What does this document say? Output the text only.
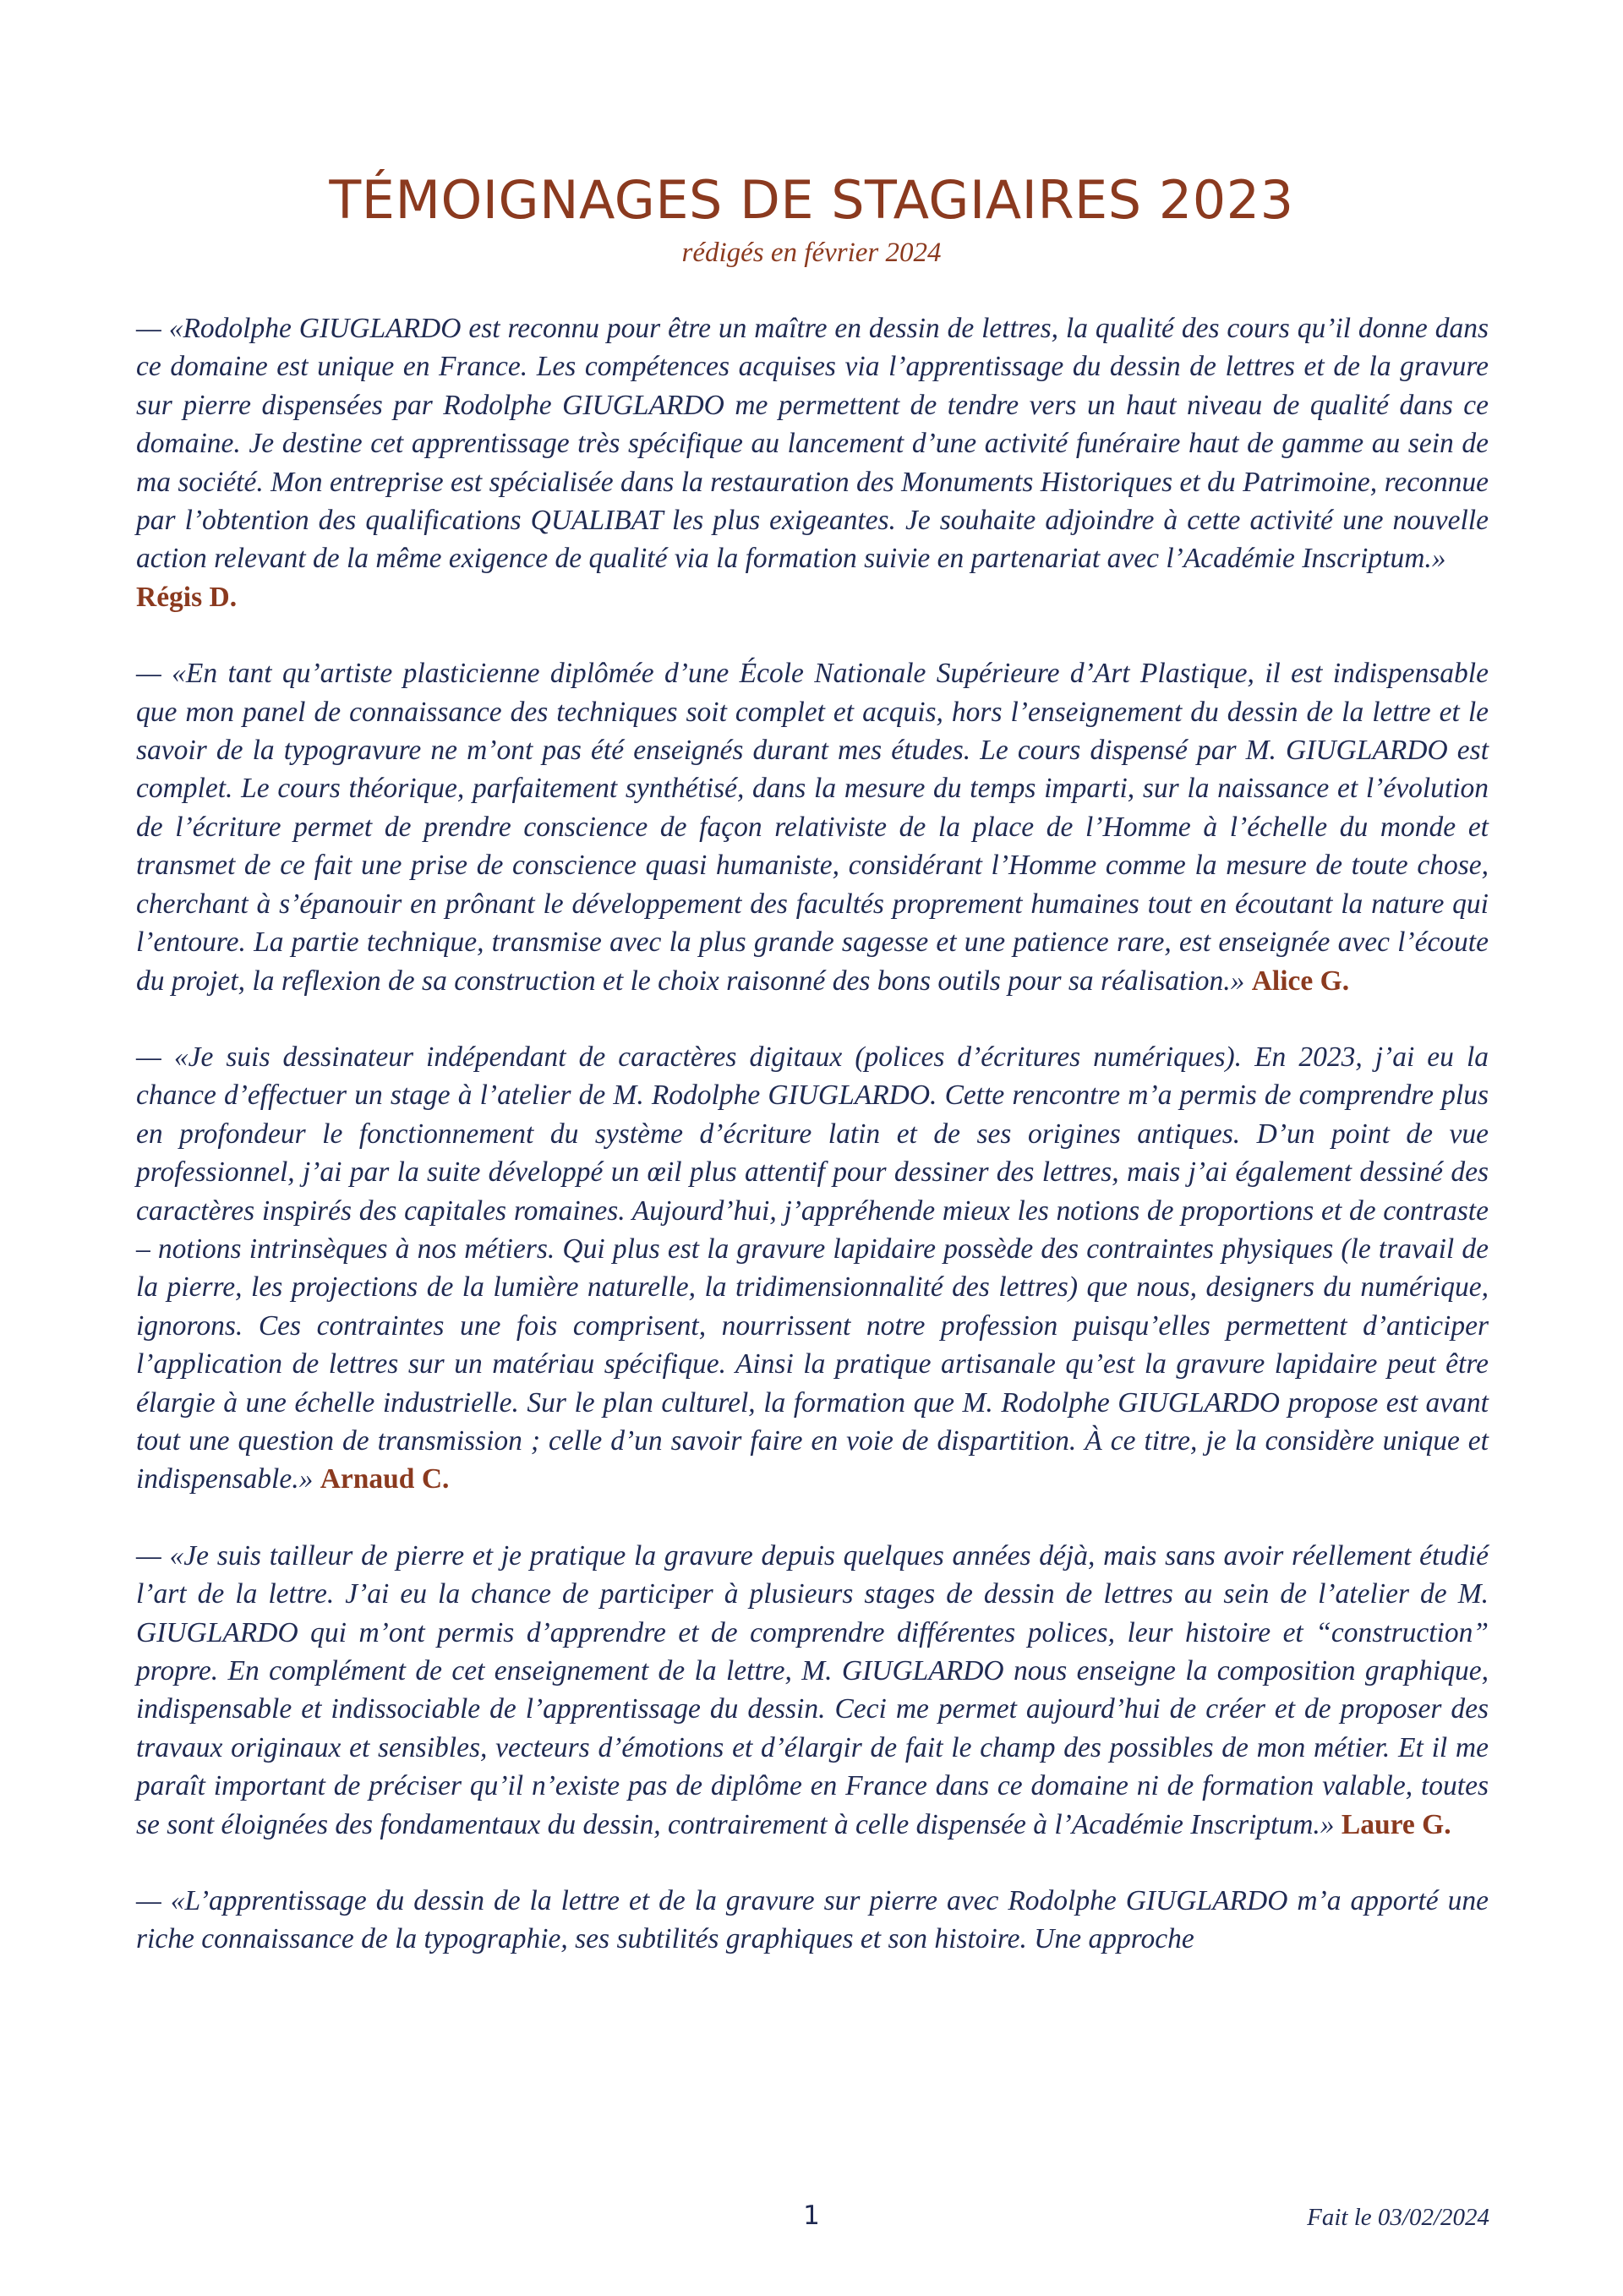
TÉMOIGNAGES DE STAGIAIRES 2023
rédigés en février 2024

— «Rodolphe GIUGLARDO est reconnu pour être un maître en dessin de lettres, la qualité des cours qu’il donne dans ce domaine est unique en France. Les compétences acquises via l’apprentissage du dessin de lettres et de la gravure sur pierre dispensées par Rodolphe GIUGLARDO me permettent de tendre vers un haut niveau de qualité dans ce domaine. Je destine cet apprentissage très spécifique au lancement d’une activité funéraire haut de gamme au sein de ma société. Mon entreprise est spécialisée dans la restauration des Monuments Historiques et du Patrimoine, reconnue par l’obtention des qualifications QUALIBAT les plus exigeantes. Je souhaite adjoindre à cette activité une nouvelle action relevant de la même exigence de qualité via la formation suivie en partenariat avec l’Académie Inscriptum.»
Régis D.

— «En tant qu’artiste plasticienne diplômée d’une École Nationale Supérieure d’Art Plastique, il est indispensable que mon panel de connaissance des techniques soit complet et acquis, hors l’enseignement du dessin de la lettre et le savoir de la typogravure ne m’ont pas été enseignés durant mes études. Le cours dispensé par M. GIUGLARDO est complet. Le cours théorique, parfaitement synthétisé, dans la mesure du temps imparti, sur la naissance et l’évolution de l’écriture permet de prendre conscience de façon relativiste de la place de l’Homme à l’échelle du monde et transmet de ce fait une prise de conscience quasi humaniste, considérant l’Homme comme la mesure de toute chose, cherchant à s’épanouir en prônant le développement des facultés proprement humaines tout en écoutant la nature qui l’entoure. La partie technique, transmise avec la plus grande sagesse et une patience rare, est enseignée avec l’écoute du projet, la reflexion de sa construction et le choix raisonné des bons outils pour sa réalisation.» Alice G.

— «Je suis dessinateur indépendant de caractères digitaux (polices d’écritures numériques). En 2023, j’ai eu la chance d’effectuer un stage à l’atelier de M. Rodolphe GIUGLARDO. Cette rencontre m’a permis de comprendre plus en profondeur le fonctionnement du système d’écriture latin et de ses origines antiques. D’un point de vue professionnel, j’ai par la suite développé un œil plus attentif pour dessiner des lettres, mais j’ai également dessiné des caractères inspirés des capitales romaines. Aujourd’hui, j’appréhende mieux les notions de proportions et de contraste – notions intrinsèques à nos métiers. Qui plus est la gravure lapidaire possède des contraintes physiques (le travail de la pierre, les projections de la lumière naturelle, la tridimensionnalité des lettres) que nous, designers du numérique, ignorons. Ces contraintes une fois comprisent, nourrissent notre profession puisqu’elles permettent d’anticiper l’application de lettres sur un matériau spécifique. Ainsi la pratique artisanale qu’est la gravure lapidaire peut être élargie à une échelle industrielle. Sur le plan culturel, la formation que M. Rodolphe GIUGLARDO propose est avant tout une question de transmission ; celle d’un savoir faire en voie de dispartition. À ce titre, je la considère unique et indispensable.» Arnaud C.

— «Je suis tailleur de pierre et je pratique la gravure depuis quelques années déjà, mais sans avoir réellement étudié l’art de la lettre. J’ai eu la chance de participer à plusieurs stages de dessin de lettres au sein de l’atelier de M. GIUGLARDO qui m’ont permis d’apprendre et de comprendre différentes polices, leur histoire et “construction” propre. En complément de cet enseignement de la lettre, M. GIUGLARDO nous enseigne la composition graphique, indispensable et indissociable de l’apprentissage du dessin. Ceci me permet aujourd’hui de créer et de proposer des travaux originaux et sensibles, vecteurs d’émotions et d’élargir de fait le champ des possibles de mon métier. Et il me paraît important de préciser qu’il n’existe pas de diplôme en France dans ce domaine ni de formation valable, toutes se sont éloignées des fondamentaux du dessin, contrairement à celle dispensée à l’Académie Inscriptum.» Laure G.

— «L’apprentissage du dessin de la lettre et de la gravure sur pierre avec Rodolphe GIUGLARDO m’a apporté une riche connaissance de la typographie, ses subtilités graphiques et son histoire. Une approche

1	Fait le 03/02/2024
